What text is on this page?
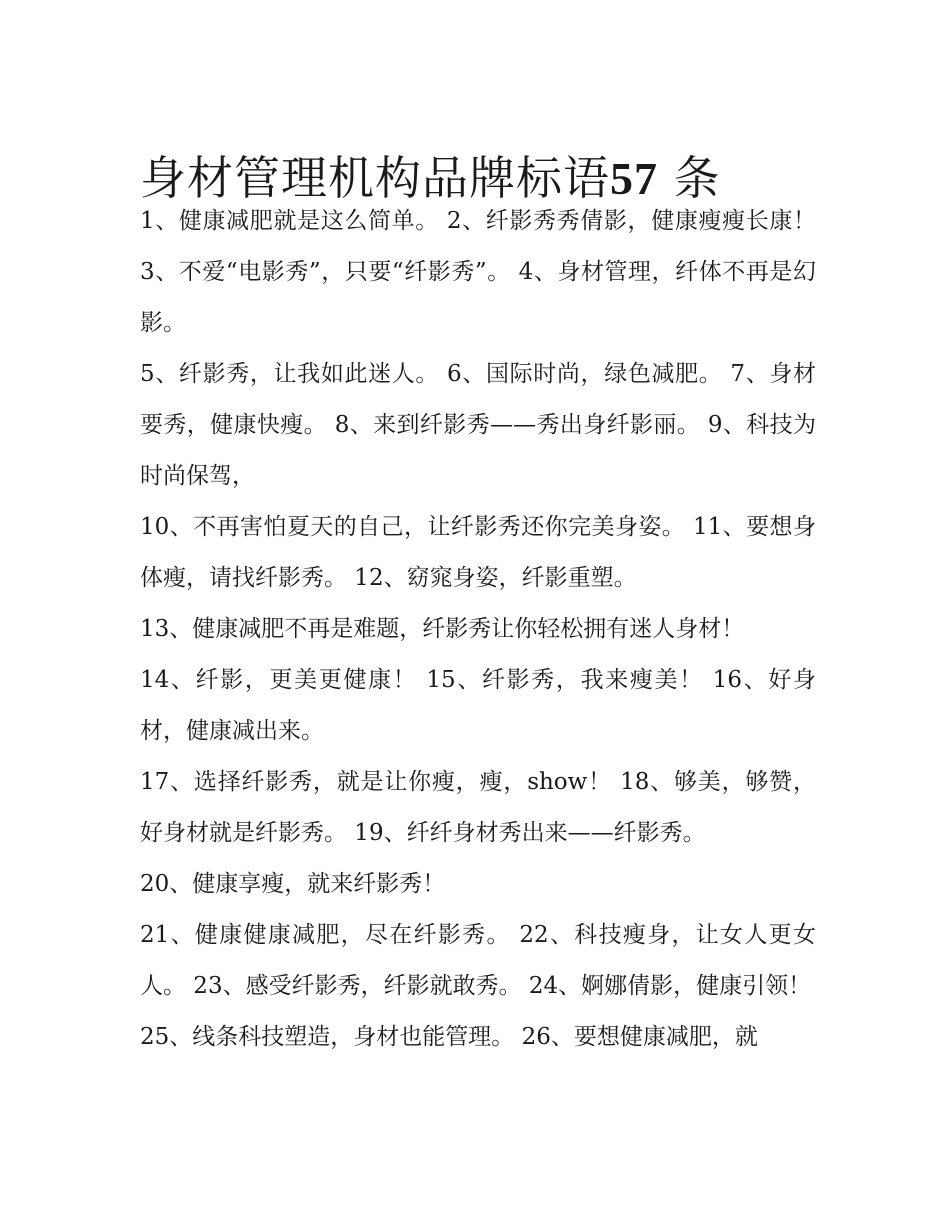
身材管理机构品牌标语57 条

1、健康减肥就是这么简单。 2、纤影秀秀倩影，健康瘦瘦长康！ 3、不爱“电影秀”，只要“纤影秀”。 4、身材管理，纤体不再是幻影。

5、纤影秀，让我如此迷人。 6、国际时尚，绿色减肥。 7、身材要秀，健康快瘦。 8、来到纤影秀——秀出身纤影丽。 9、科技为时尚保驾，

10、不再害怕夏天的自己，让纤影秀还你完美身姿。 11、要想身体瘦，请找纤影秀。 12、窈窕身姿，纤影重塑。

13、健康减肥不再是难题，纤影秀让你轻松拥有迷人身材！

14、纤影，更美更健康！ 15、纤影秀，我来瘦美！ 16、好身材，健康减出来。

17、选择纤影秀，就是让你瘦，瘦，show！ 18、够美，够赞，好身材就是纤影秀。 19、纤纤身材秀出来——纤影秀。

20、健康享瘦，就来纤影秀！

21、健康健康减肥，尽在纤影秀。 22、科技瘦身，让女人更女人。 23、感受纤影秀，纤影就敢秀。 24、婀娜倩影，健康引领！

25、线条科技塑造，身材也能管理。 26、要想健康减肥，就
